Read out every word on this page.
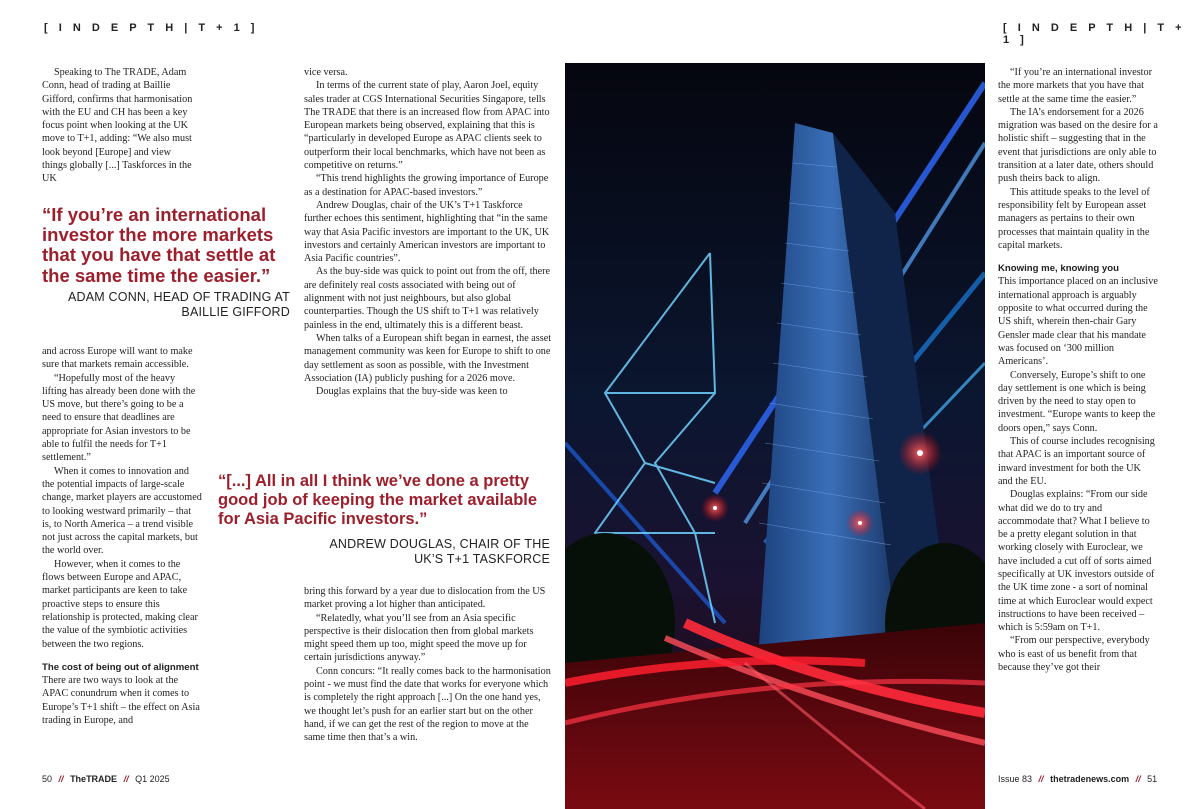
[ I N D E P T H | T + 1 ]	[ I N D E P T H | T + 1 ]

Speaking to The TRADE, Adam Conn, head of trading at Baillie Gifford, confirms that harmonisation with the EU and CH has been a key focus point when looking at the UK move to T+1, adding: “We also must look beyond [Europe] and view things globally [...] Taskforces in the UK

“If you’re an international investor the more markets that you have that settle at the same time the easier.”
ADAM CONN, HEAD OF TRADING AT BAILLIE GIFFORD

and across Europe will want to make sure that markets remain accessible.

“Hopefully most of the heavy lifting has already been done with the US move, but there’s going to be a need to ensure that deadlines are appropriate for Asian investors to be able to fulfil the needs for T+1 settlement.”

When it comes to innovation and the potential impacts of large-scale change, market players are accustomed to looking westward primarily – that is, to North America – a trend visible not just across the capital markets, but the world over.

However, when it comes to the flows between Europe and APAC, market participants are keen to take proactive steps to ensure this relationship is protected, making clear the value of the symbiotic activities between the two regions.

The cost of being out of alignment

There are two ways to look at the APAC conundrum when it comes to Europe’s T+1 shift – the effect on Asia trading in Europe, and

vice versa.

In terms of the current state of play, Aaron Joel, equity sales trader at CGS International Securities Singapore, tells The TRADE that there is an increased flow from APAC into European markets being observed, explaining that this is “particularly in developed Europe as APAC clients seek to outperform their local benchmarks, which have not been as competitive on returns.”

“This trend highlights the growing importance of Europe as a destination for APAC-based investors.”

Andrew Douglas, chair of the UK’s T+1 Taskforce further echoes this sentiment, highlighting that “in the same way that Asia Pacific investors are important to the UK, UK investors and certainly American investors are important to Asia Pacific countries”.

As the buy-side was quick to point out from the off, there are definitely real costs associated with being out of alignment with not just neighbours, but also global counterparties. Though the US shift to T+1 was relatively painless in the end, ultimately this is a different beast.

When talks of a European shift began in earnest, the asset management community was keen for Europe to shift to one day settlement as soon as possible, with the Investment Association (IA) publicly pushing for a 2026 move.

Douglas explains that the buy-side was keen to

“[...] All in all I think we’ve done a pretty good job of keeping the market available for Asia Pacific investors.”
ANDREW DOUGLAS, CHAIR OF THE UK’S T+1 TASKFORCE

bring this forward by a year due to dislocation from the US market proving a lot higher than anticipated.

“Relatedly, what you’ll see from an Asia specific perspective is their dislocation then from global markets might speed them up too, might speed the move up for certain jurisdictions anyway.”

Conn concurs: “It really comes back to the harmonisation point - we must find the date that works for everyone which is completely the right approach [...] On the one hand yes, we thought let’s push for an earlier start but on the other hand, if we can get the rest of the region to move at the same time then that’s a win.

“If you’re an international investor the more markets that you have that settle at the same time the easier.”

The IA’s endorsement for a 2026 migration was based on the desire for a holistic shift – suggesting that in the event that jurisdictions are only able to transition at a later date, others should push theirs back to align.

This attitude speaks to the level of responsibility felt by European asset managers as pertains to their own processes that maintain quality in the capital markets.

Knowing me, knowing you

This importance placed on an inclusive international approach is arguably opposite to what occurred during the US shift, wherein then-chair Gary Gensler made clear that his mandate was focused on ‘300 million Americans’.

Conversely, Europe’s shift to one day settlement is one which is being driven by the need to stay open to investment. “Europe wants to keep the doors open,” says Conn.

This of course includes recognising that APAC is an important source of inward investment for both the UK and the EU.

Douglas explains: “From our side what did we do to try and accommodate that? What I believe to be a pretty elegant solution in that working closely with Euroclear, we have included a cut off of sorts aimed specifically at UK investors outside of the UK time zone - a sort of nominal time at which Euroclear would expect instructions to have been received – which is 5:59am on T+1.

“From our perspective, everybody who is east of us benefit from that because they’ve got their

50 // TheTRADE // Q1 2025	Issue 83 // thetradenews.com // 51
